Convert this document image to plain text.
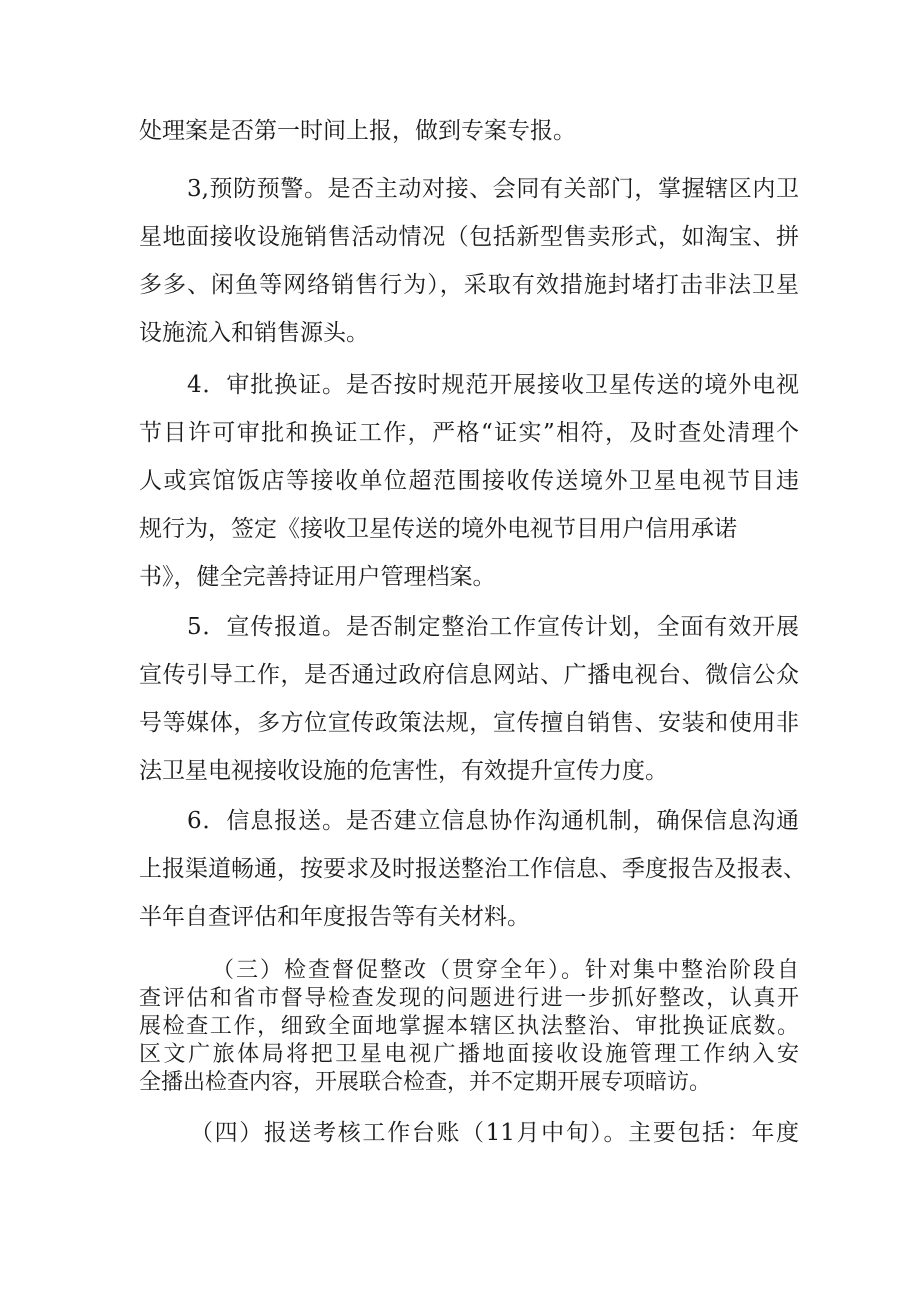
处理案是否第一时间上报，做到专案专报。
3,预防预警。是否主动对接、会同有关部门，掌握辖区内卫
星地面接收设施销售活动情况（包括新型售卖形式，如淘宝、拼
多多、闲鱼等网络销售行为），采取有效措施封堵打击非法卫星
设施流入和销售源头。
4．审批换证。是否按时规范开展接收卫星传送的境外电视
节目许可审批和换证工作，严格“证实”相符，及时查处清理个
人或宾馆饭店等接收单位超范围接收传送境外卫星电视节目违
规行为，签定《接收卫星传送的境外电视节目用户信用承诺
书》，健全完善持证用户管理档案。
5．宣传报道。是否制定整治工作宣传计划，全面有效开展
宣传引导工作，是否通过政府信息网站、广播电视台、微信公众
号等媒体，多方位宣传政策法规，宣传擅自销售、安装和使用非
法卫星电视接收设施的危害性，有效提升宣传力度。
6．信息报送。是否建立信息协作沟通机制，确保信息沟通
上报渠道畅通，按要求及时报送整治工作信息、季度报告及报表、
半年自查评估和年度报告等有关材料。
（三）检查督促整改（贯穿全年）。针对集中整治阶段自
查评估和省市督导检查发现的问题进行进一步抓好整改，认真开
展检查工作，细致全面地掌握本辖区执法整治、审批换证底数。
区文广旅体局将把卫星电视广播地面接收设施管理工作纳入安
全播出检查内容，开展联合检查，并不定期开展专项暗访。
（四）报送考核工作台账（11月中旬）。主要包括：年度
